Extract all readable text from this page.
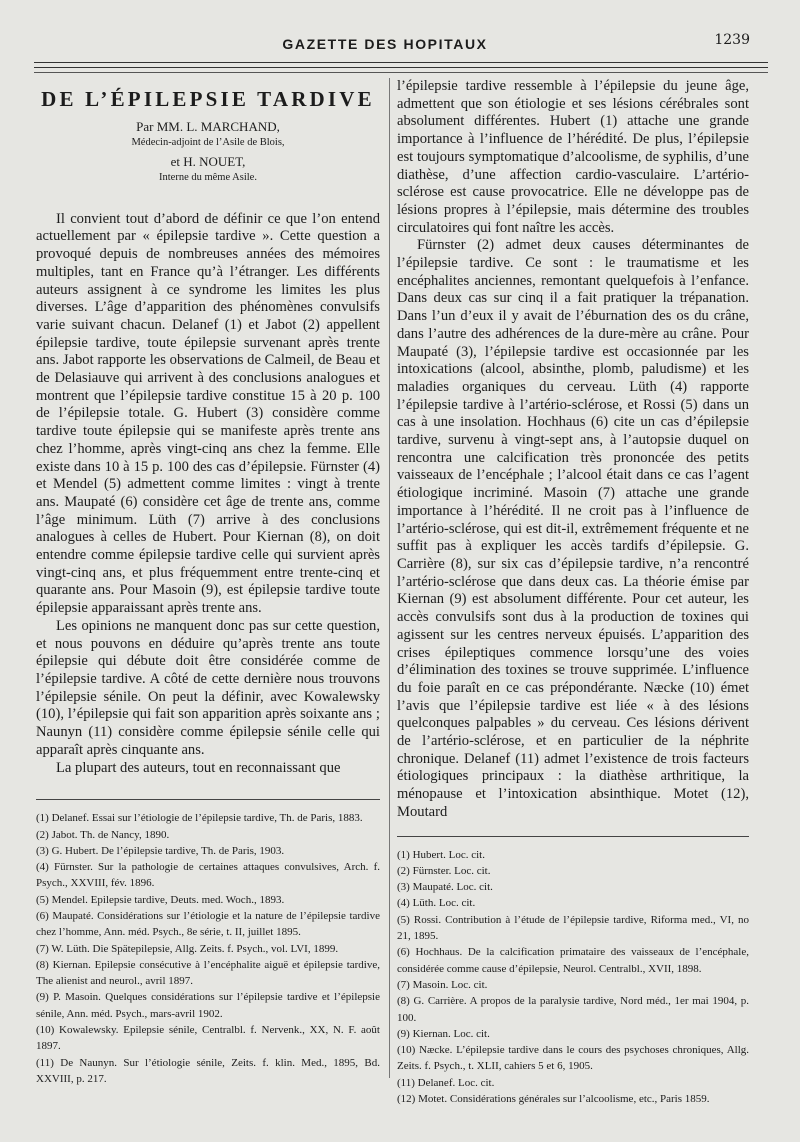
GAZETTE DES HOPITAUX	1239
DE L’ÉPILEPSIE TARDIVE

Par MM. L. MARCHAND,

Médecin-adjoint de l’Asile de Blois,

et H. NOUET,

Interne du même Asile.

Il convient tout d’abord de définir ce que l’on entend actuellement par « épilepsie tardive ». Cette question a provoqué depuis de nombreuses années des mémoires multiples, tant en France qu’à l’étranger. Les différents auteurs assignent à ce syndrome les limites les plus diverses. L’âge d’apparition des phénomènes convulsifs varie suivant chacun. Delanef (1) et Jabot (2) appellent épilepsie tardive, toute épilepsie survenant après trente ans. Jabot rapporte les observations de Calmeil, de Beau et de Delasiauve qui arrivent à des conclusions analogues et montrent que l’épilepsie tardive constitue 15 à 20 p. 100 de l’épilepsie totale. G. Hubert (3) considère comme tardive toute épilepsie qui se manifeste après trente ans chez l’homme, après vingt-cinq ans chez la femme. Elle existe dans 10 à 15 p. 100 des cas d’épilepsie. Fürnster (4) et Mendel (5) admettent comme limites : vingt à trente ans. Maupaté (6) considère cet âge de trente ans, comme l’âge minimum. Lüth (7) arrive à des conclusions analogues à celles de Hubert. Pour Kiernan (8), on doit entendre comme épilepsie tardive celle qui survient après vingt-cinq ans, et plus fréquemment entre trente-cinq et quarante ans. Pour Masoin (9), est épilepsie tardive toute épilepsie apparaissant après trente ans.

Les opinions ne manquent donc pas sur cette question, et nous pouvons en déduire qu’après trente ans toute épilepsie qui débute doit être considérée comme de l’épilepsie tardive. A côté de cette dernière nous trouvons l’épilepsie sénile. On peut la définir, avec Kowalewsky (10), l’épilepsie qui fait son apparition après soixante ans ; Naunyn (11) considère comme épilepsie sénile celle qui apparaît après cinquante ans.

La plupart des auteurs, tout en reconnaissant que

(1) Delanef. Essai sur l’étiologie de l’épilepsie tardive, Th. de Paris, 1883.

(2) Jabot. Th. de Nancy, 1890.

(3) G. Hubert. De l’épilepsie tardive, Th. de Paris, 1903.

(4) Fürnster. Sur la pathologie de certaines attaques convulsives, Arch. f. Psych., XXVIII, fév. 1896.

(5) Mendel. Epilepsie tardive, Deuts. med. Woch., 1893.

(6) Maupaté. Considérations sur l’étiologie et la nature de l’épilepsie tardive chez l’homme, Ann. méd. Psych., 8e série, t. II, juillet 1895.

(7) W. Lüth. Die Spätepilepsie, Allg. Zeits. f. Psych., vol. LVI, 1899.

(8) Kiernan. Epilepsie consécutive à l’encéphalite aiguë et épilepsie tardive, The alienist and neurol., avril 1897.

(9) P. Masoin. Quelques considérations sur l’épilepsie tardive et l’épilepsie sénile, Ann. méd. Psych., mars-avril 1902.

(10) Kowalewsky. Epilepsie sénile, Centralbl. f. Nervenk., XX, N. F. août 1897.

(11) De Naunyn. Sur l’étiologie sénile, Zeits. f. klin. Med., 1895, Bd. XXVIII, p. 217.

l’épilepsie tardive ressemble à l’épilepsie du jeune âge, admettent que son étiologie et ses lésions cérébrales sont absolument différentes. Hubert (1) attache une grande importance à l’influence de l’hérédité. De plus, l’épilepsie est toujours symptomatique d’alcoolisme, de syphilis, d’une diathèse, d’une affection cardio-vasculaire. L’artério-sclérose est cause provocatrice. Elle ne développe pas de lésions propres à l’épilepsie, mais détermine des troubles circulatoires qui font naître les accès.

Fürnster (2) admet deux causes déterminantes de l’épilepsie tardive. Ce sont : le traumatisme et les encéphalites anciennes, remontant quelquefois à l’enfance. Dans deux cas sur cinq il a fait pratiquer la trépanation. Dans l’un d’eux il y avait de l’éburnation des os du crâne, dans l’autre des adhérences de la dure-mère au crâne. Pour Maupaté (3), l’épilepsie tardive est occasionnée par les intoxications (alcool, absinthe, plomb, paludisme) et les maladies organiques du cerveau. Lüth (4) rapporte l’épilepsie tardive à l’artério-sclérose, et Rossi (5) dans un cas à une insolation. Hochhaus (6) cite un cas d’épilepsie tardive, survenu à vingt-sept ans, à l’autopsie duquel on rencontra une calcification très prononcée des petits vaisseaux de l’encéphale ; l’alcool était dans ce cas l’agent étiologique incriminé. Masoin (7) attache une grande importance à l’hérédité. Il ne croit pas à l’influence de l’artério-sclérose, qui est dit-il, extrêmement fréquente et ne suffit pas à expliquer les accès tardifs d’épilepsie. G. Carrière (8), sur six cas d’épilepsie tardive, n’a rencontré l’artério-sclérose que dans deux cas. La théorie émise par Kiernan (9) est absolument différente. Pour cet auteur, les accès convulsifs sont dus à la production de toxines qui agissent sur les centres nerveux épuisés. L’apparition des crises épileptiques commence lorsqu’une des voies d’élimination des toxines se trouve supprimée. L’influence du foie paraît en ce cas prépondérante. Næcke (10) émet l’avis que l’épilepsie tardive est liée « à des lésions quelconques palpables » du cerveau. Ces lésions dérivent de l’artério-sclérose, et en particulier de la néphrite chronique. Delanef (11) admet l’existence de trois facteurs étiologiques principaux : la diathèse arthritique, la ménopause et l’intoxication absinthique. Motet (12), Moutard

(1) Hubert. Loc. cit.

(2) Fürnster. Loc. cit.

(3) Maupaté. Loc. cit.

(4) Lüth. Loc. cit.

(5) Rossi. Contribution à l’étude de l’épilepsie tardive, Riforma med., VI, no 21, 1895.

(6) Hochhaus. De la calcification primataire des vaisseaux de l’encéphale, considérée comme cause d’épilepsie, Neurol. Centralbl., XVII, 1898.

(7) Masoin. Loc. cit.

(8) G. Carrière. A propos de la paralysie tardive, Nord méd., 1er mai 1904, p. 100.

(9) Kiernan. Loc. cit.

(10) Næcke. L’épilepsie tardive dans le cours des psychoses chroniques, Allg. Zeits. f. Psych., t. XLII, cahiers 5 et 6, 1905.

(11) Delanef. Loc. cit.

(12) Motet. Considérations générales sur l’alcoolisme, etc., Paris 1859.
